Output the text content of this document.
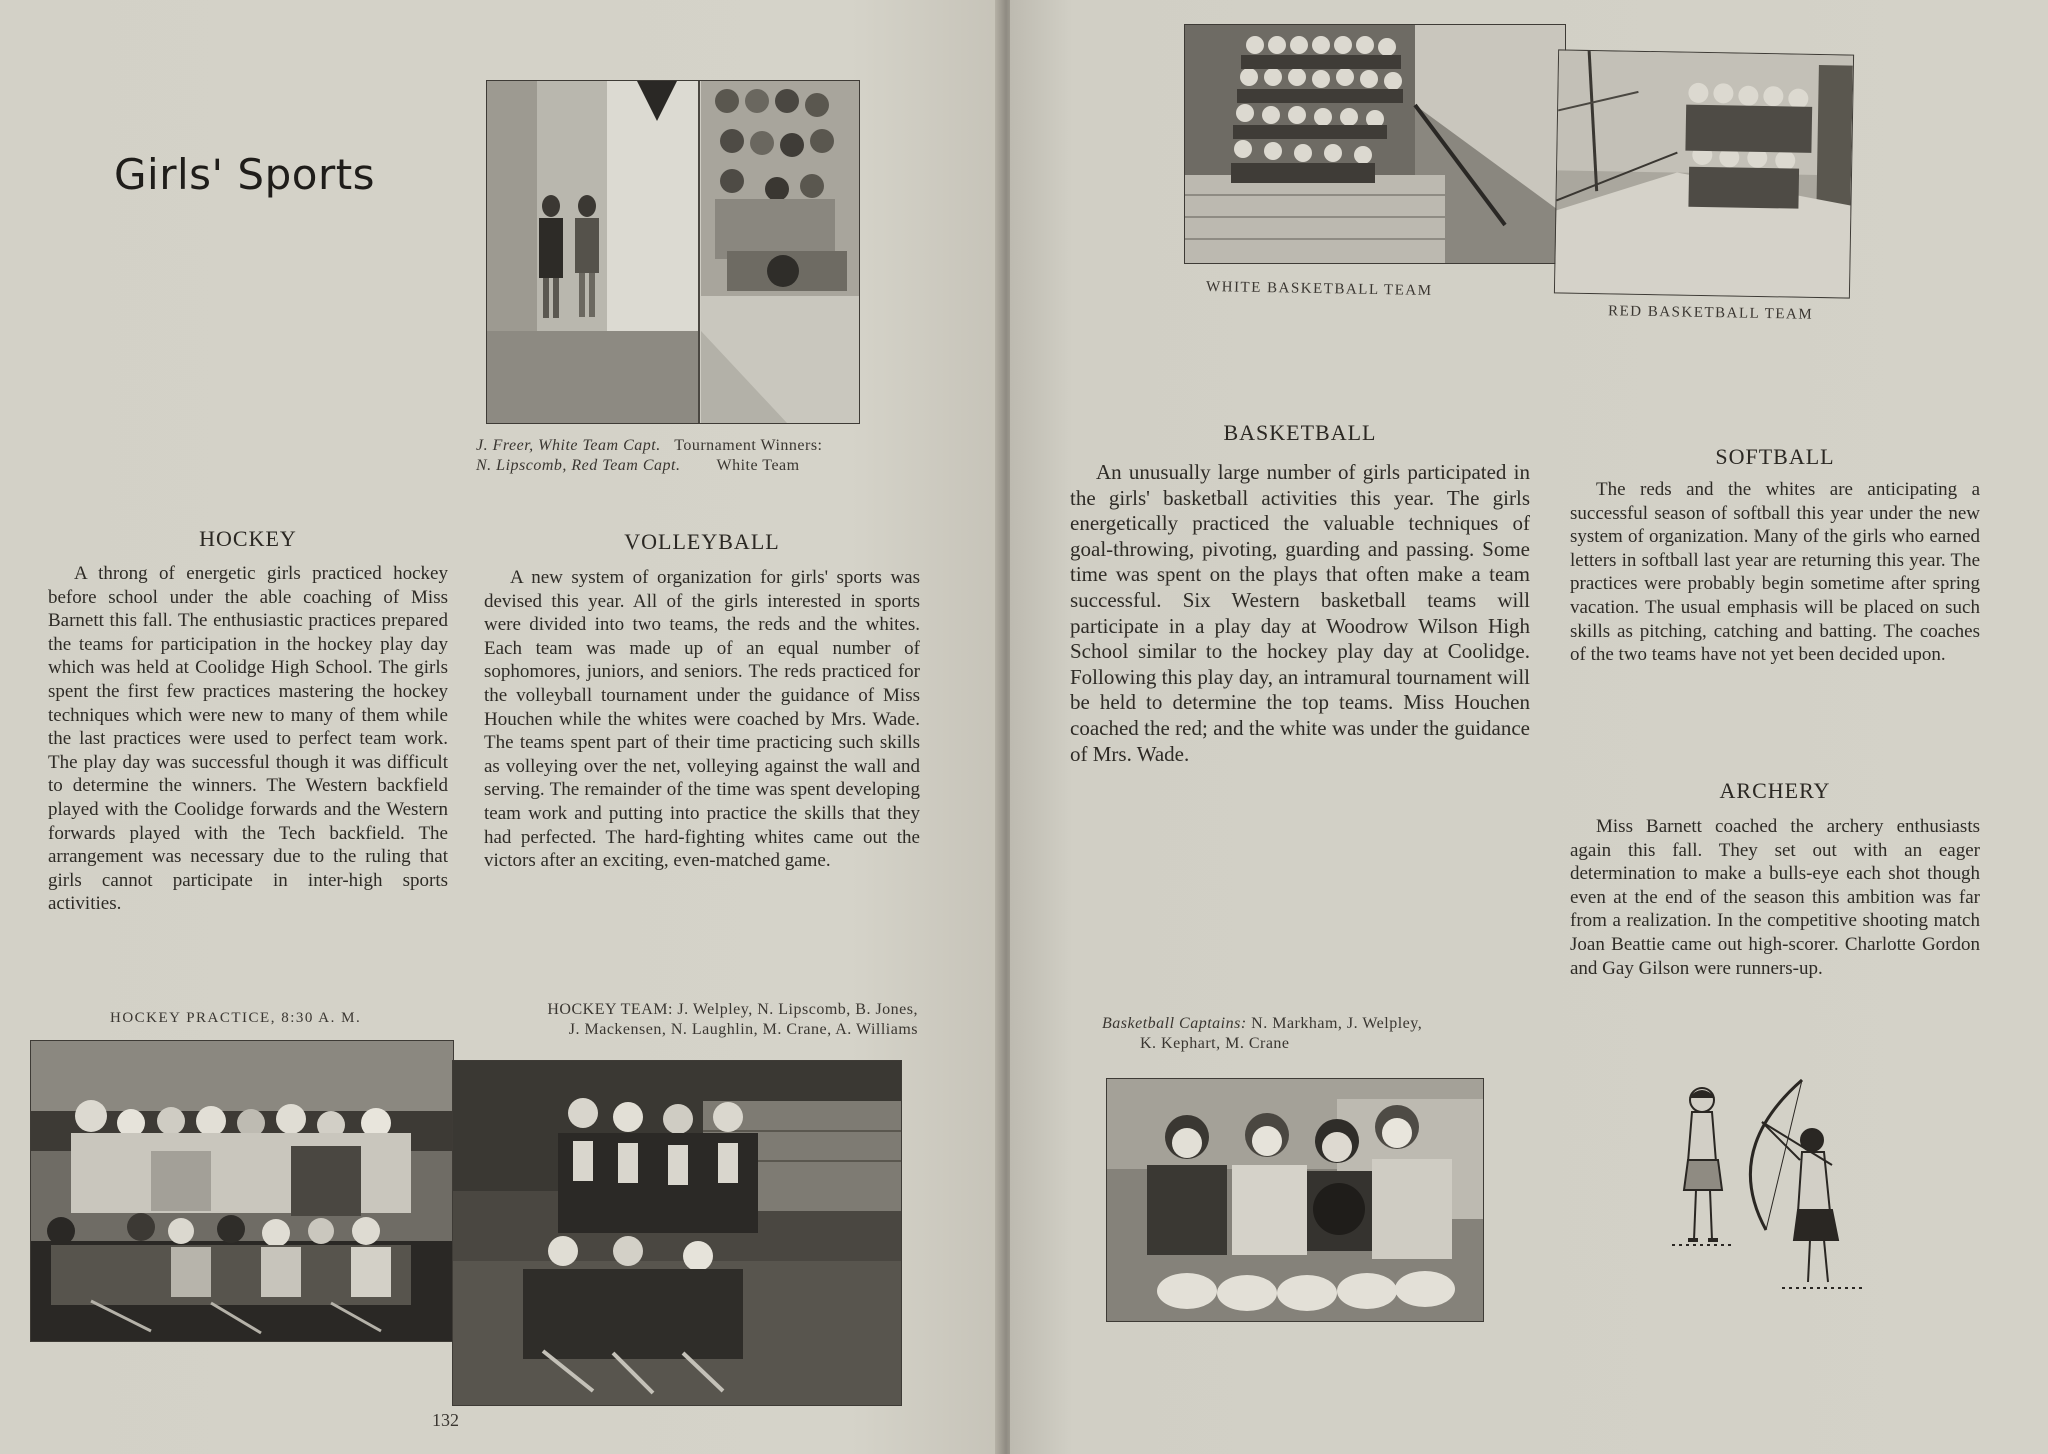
Girls' Sports
J. Freer, White Team Capt. Tournament Winners:
N. Lipscomb, Red Team Capt. White Team
HOCKEY
A throng of energetic girls practiced hockey before school under the able coaching of Miss Barnett this fall. The enthusiastic practices prepared the teams for participation in the hockey play day which was held at Coolidge High School. The girls spent the first few practices mastering the hockey techniques which were new to many of them while the last practices were used to perfect team work. The play day was successful though it was difficult to determine the winners. The Western backfield played with the Coolidge forwards and the Western forwards played with the Tech backfield. The arrangement was necessary due to the ruling that girls cannot participate in inter-high sports activities.
VOLLEYBALL
A new system of organization for girls' sports was devised this year. All of the girls interested in sports were divided into two teams, the reds and the whites. Each team was made up of an equal number of sophomores, juniors, and seniors. The reds practiced for the volleyball tournament under the guidance of Miss Houchen while the whites were coached by Mrs. Wade. The teams spent part of their time practicing such skills as volleying over the net, volleying against the wall and serving. The remainder of the time was spent developing team work and putting into practice the skills that they had perfected. The hard-fighting whites came out the victors after an exciting, even-matched game.
HOCKEY PRACTICE, 8:30 A. M.	HOCKEY TEAM: J. Welpley, N. Lipscomb, B. Jones,
J. Mackensen, N. Laughlin, M. Crane, A. Williams
132
WHITE BASKETBALL TEAM
RED BASKETBALL TEAM
BASKETBALL
An unusually large number of girls participated in the girls' basketball activities this year. The girls energetically practiced the valuable techniques of goal-throwing, pivoting, guarding and passing. Some time was spent on the plays that often make a team successful. Six Western basketball teams will participate in a play day at Woodrow Wilson High School similar to the hockey play day at Coolidge. Following this play day, an intramural tournament will be held to determine the top teams. Miss Houchen coached the red; and the white was under the guidance of Mrs. Wade.
SOFTBALL
The reds and the whites are anticipating a successful season of softball this year under the new system of organization. Many of the girls who earned letters in softball last year are returning this year. The practices were probably begin sometime after spring vacation. The usual emphasis will be placed on such skills as pitching, catching and batting. The coaches of the two teams have not yet been decided upon.
ARCHERY
Miss Barnett coached the archery enthusiasts again this fall. They set out with an eager determination to make a bulls-eye each shot though even at the end of the season this ambition was far from a realization. In the competitive shooting match Joan Beattie came out high-scorer. Charlotte Gordon and Gay Gilson were runners-up.
Basketball Captains: N. Markham, J. Welpley,
K. Kephart, M. Crane
